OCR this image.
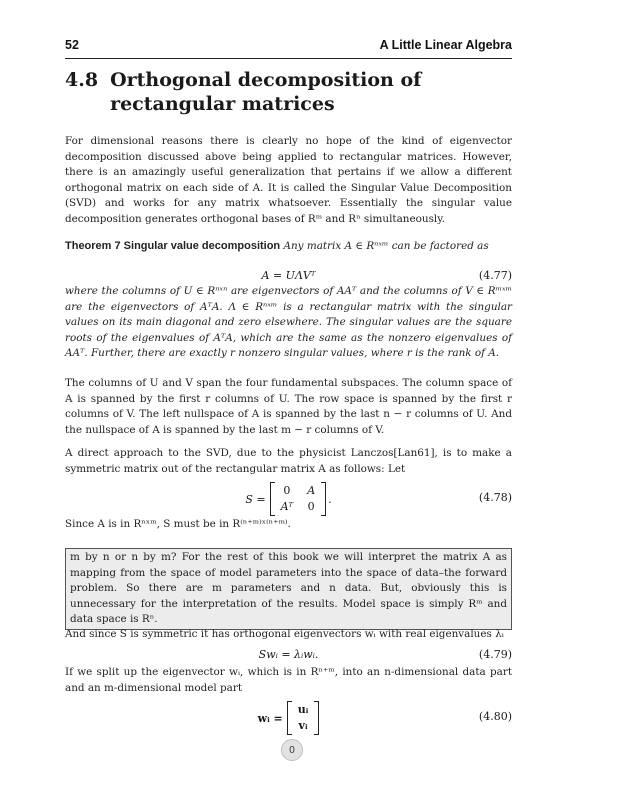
52	A Little Linear Algebra
4.8 Orthogonal decomposition of rectangular matrices
For dimensional reasons there is clearly no hope of the kind of eigenvector decomposition discussed above being applied to rectangular matrices. However, there is an amazingly useful generalization that pertains if we allow a different orthogonal matrix on each side of A. It is called the Singular Value Decomposition (SVD) and works for any matrix whatsoever. Essentially the singular value decomposition generates orthogonal bases of Rᵐ and Rⁿ simultaneously.
Theorem 7 Singular value decomposition Any matrix A ∈ Rⁿˣᵐ can be factored as
A = UΛVᵀ	(4.77)
where the columns of U ∈ Rⁿˣⁿ are eigenvectors of AAᵀ and the columns of V ∈ Rᵐˣᵐ are the eigenvectors of AᵀA. Λ ∈ Rⁿˣᵐ is a rectangular matrix with the singular values on its main diagonal and zero elsewhere. The singular values are the square roots of the eigenvalues of AᵀA, which are the same as the nonzero eigenvalues of AAᵀ. Further, there are exactly r nonzero singular values, where r is the rank of A.
The columns of U and V span the four fundamental subspaces. The column space of A is spanned by the first r columns of U. The row space is spanned by the first r columns of V. The left nullspace of A is spanned by the last n − r columns of U. And the nullspace of A is spanned by the last m − r columns of V.
A direct approach to the SVD, due to the physicist Lanczos[Lan61], is to make a symmetric matrix out of the rectangular matrix A as follows: Let
S =
0 A
Aᵀ 0
.	(4.78)
Since A is in Rⁿˣᵐ, S must be in R⁽ⁿ⁺ᵐ⁾ˣ⁽ⁿ⁺ᵐ⁾.
m by n or n by m? For the rest of this book we will interpret the matrix A as mapping from the space of model parameters into the space of data–the forward problem. So there are m parameters and n data. But, obviously this is unnecessary for the interpretation of the results. Model space is simply Rᵐ and data space is Rⁿ.
And since S is symmetric it has orthogonal eigenvectors wᵢ with real eigenvalues λᵢ
Swᵢ = λᵢwᵢ.	(4.79)
If we split up the eigenvector wᵢ, which is in Rⁿ⁺ᵐ, into an n-dimensional data part and an m-dimensional model part
wᵢ =
uᵢ
vᵢ
(4.80)
0
